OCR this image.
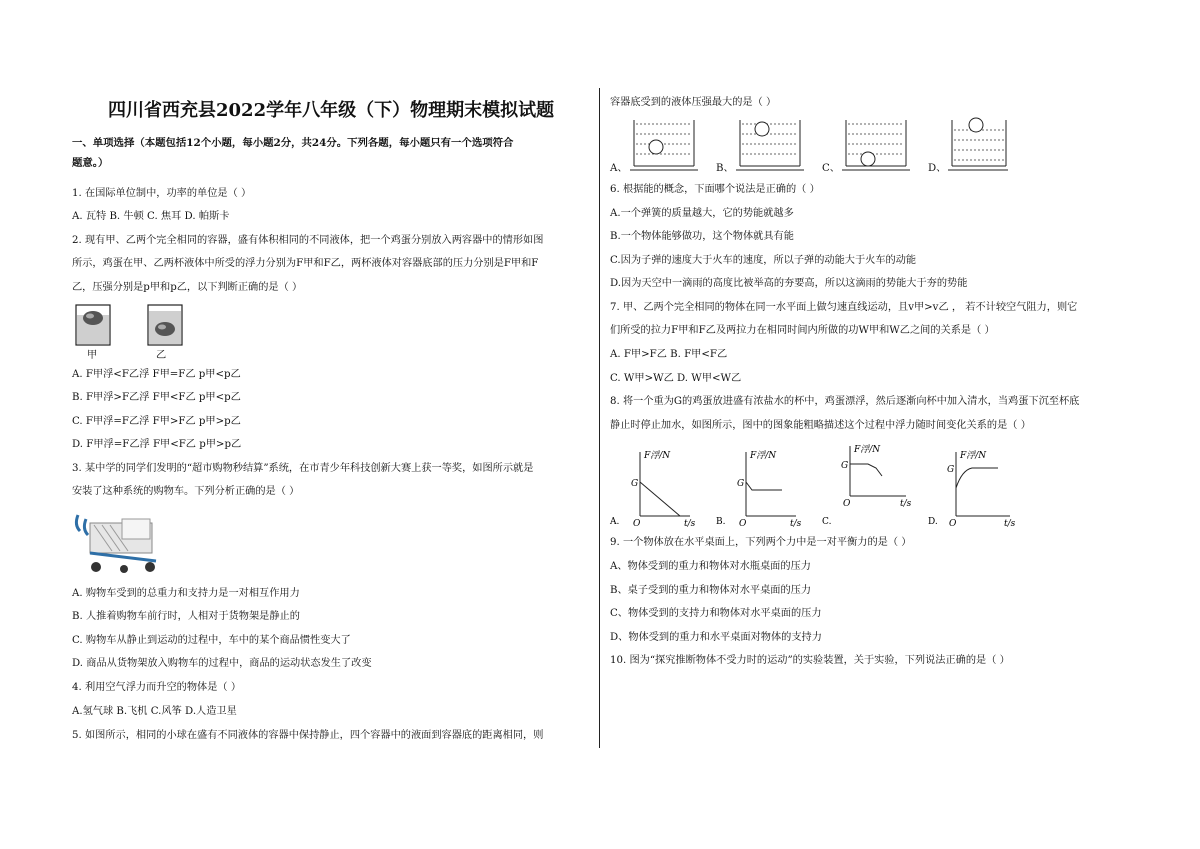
四川省西充县2022学年八年级（下）物理期末模拟试题
一、单项选择（本题包括12个小题，每小题2分，共24分。下列各题，每小题只有一个选项符合
题意。）
1. 在国际单位制中，功率的单位是（ ）
A. 瓦特 B. 牛顿 C. 焦耳 D. 帕斯卡
2. 现有甲、乙两个完全相同的容器，盛有体积相同的不同液体，把一个鸡蛋分别放入两容器中的情形如图
所示，鸡蛋在甲、乙两杯液体中所受的浮力分别为F甲和F乙，两杯液体对容器底部的压力分别是F甲和F
乙，压强分别是p甲和p乙，以下判断正确的是（ ）
甲	乙
A. F甲浮<F乙浮 F甲=F乙 p甲<p乙
B. F甲浮>F乙浮 F甲<F乙 p甲<p乙
C. F甲浮=F乙浮 F甲>F乙 p甲>p乙
D. F甲浮=F乙浮 F甲<F乙 p甲>p乙
3. 某中学的同学们发明的“超市购物秒结算”系统，在市青少年科技创新大赛上获一等奖，如图所示就是
安装了这种系统的购物车。下列分析正确的是（ ）
A. 购物车受到的总重力和支持力是一对相互作用力
B. 人推着购物车前行时，人相对于货物架是静止的
C. 购物车从静止到运动的过程中，车中的某个商品惯性变大了
D. 商品从货物架放入购物车的过程中，商品的运动状态发生了改变
4. 利用空气浮力而升空的物体是（ ）
A.氢气球 B.飞机 C.风筝 D.人造卫星
5. 如图所示，相同的小球在盛有不同液体的容器中保持静止，四个容器中的液面到容器底的距离相同，则
容器底受到的液体压强最大的是（ ）
A、	B、	C、	D、
6. 根据能的概念，下面哪个说法是正确的（ ）
A.一个弹簧的质量越大，它的势能就越多
B.一个物体能够做功，这个物体就具有能
C.因为子弹的速度大于火车的速度，所以子弹的动能大于火车的动能
D.因为天空中一滴雨的高度比被举高的夯要高，所以这滴雨的势能大于夯的势能
7. 甲、乙两个完全相同的物体在同一水平面上做匀速直线运动，且v甲>v乙 ， 若不计较空气阻力，则它
们所受的拉力F甲和F乙及两拉力在相同时间内所做的功W甲和W乙之间的关系是（ ）
A. F甲>F乙 B. F甲<F乙
C. W甲>W乙 D. W甲<W乙
8. 将一个重为G的鸡蛋放进盛有浓盐水的杯中，鸡蛋漂浮，然后逐渐向杯中加入清水，当鸡蛋下沉至杯底
静止时停止加水，如图所示，图中的图象能粗略描述这个过程中浮力随时间变化关系的是（ ）
F浮/N
G
O	t/s
A.
F浮/N
G
O	t/s
B.
F浮/N
G
O	t/s
C.
F浮/N
G
O	t/s
D.
9. 一个物体放在水平桌面上，下列两个力中是一对平衡力的是（ ）
A、物体受到的重力和物体对水瓶桌面的压力
B、桌子受到的重力和物体对水平桌面的压力
C、物体受到的支持力和物体对水平桌面的压力
D、物体受到的重力和水平桌面对物体的支持力
10. 图为“探究推断物体不受力时的运动”的实验装置，关于实验，下列说法正确的是（ ）
